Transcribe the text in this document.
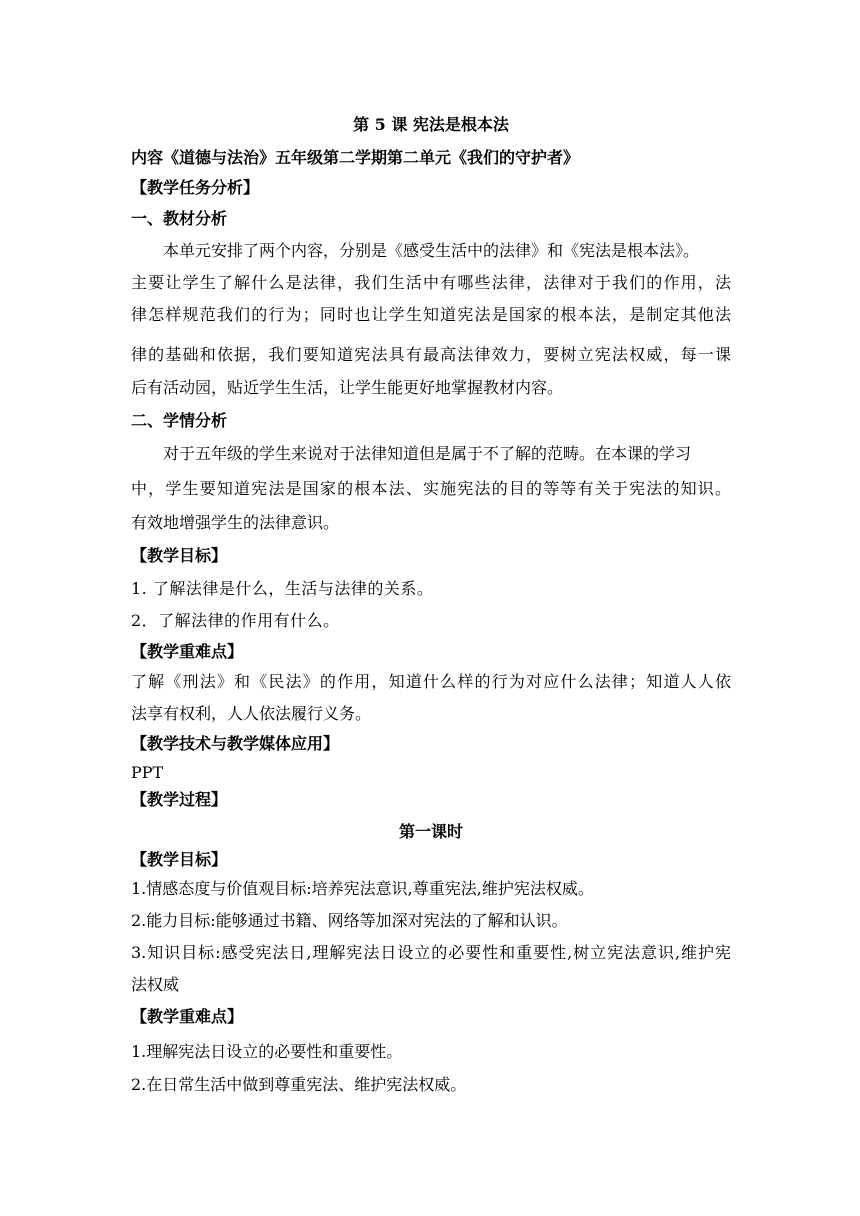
第 5 课 宪法是根本法
内容《道德与法治》五年级第二学期第二单元《我们的守护者》
【教学任务分析】
一、教材分析
本单元安排了两个内容，分别是《感受生活中的法律》和《宪法是根本法》。
主要让学生了解什么是法律，我们生活中有哪些法律，法律对于我们的作用，法
律怎样规范我们的行为；同时也让学生知道宪法是国家的根本法，是制定其他法
律的基础和依据，我们要知道宪法具有最高法律效力，要树立宪法权威，每一课
后有活动园，贴近学生生活，让学生能更好地掌握教材内容。
二、学情分析
对于五年级的学生来说对于法律知道但是属于不了解的范畴。在本课的学习
中，学生要知道宪法是国家的根本法、实施宪法的目的等等有关于宪法的知识。
有效地增强学生的法律意识。
【教学目标】
1. 了解法律是什么，生活与法律的关系。
2．了解法律的作用有什么。
【教学重难点】
了解《刑法》和《民法》的作用，知道什么样的行为对应什么法律；知道人人依
法享有权利，人人依法履行义务。
【教学技术与教学媒体应用】
PPT
【教学过程】
第一课时
【教学目标】
1.情感态度与价值观目标:培养宪法意识,尊重宪法,维护宪法权威。
2.能力目标:能够通过书籍、网络等加深对宪法的了解和认识。
3.知识目标:感受宪法日,理解宪法日设立的必要性和重要性,树立宪法意识,维护宪
法权威
【教学重难点】
1.理解宪法日设立的必要性和重要性。
2.在日常生活中做到尊重宪法、维护宪法权威。
